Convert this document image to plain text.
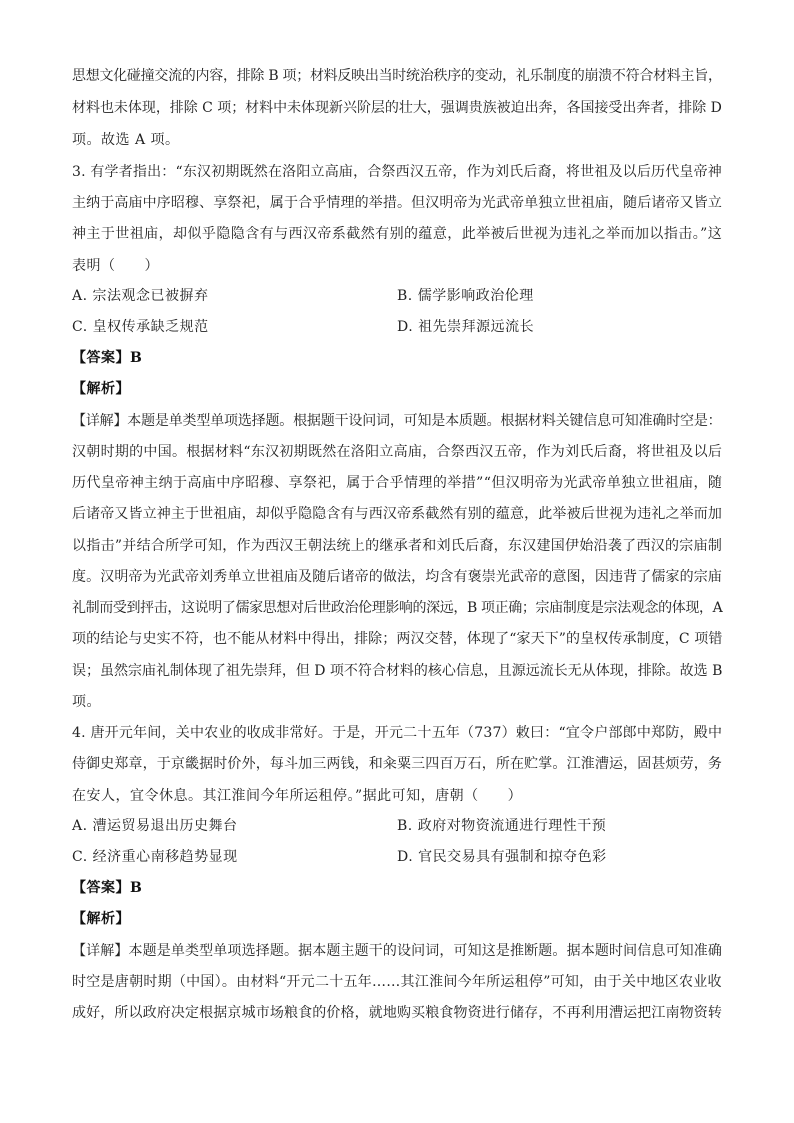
思想文化碰撞交流的内容，排除 B 项；材料反映出当时统治秩序的变动，礼乐制度的崩溃不符合材料主旨，
材料也未体现，排除 C 项；材料中未体现新兴阶层的壮大，强调贵族被迫出奔，各国接受出奔者，排除 D
项。故选 A 项。
3. 有学者指出：“东汉初期既然在洛阳立高庙，合祭西汉五帝，作为刘氏后裔，将世祖及以后历代皇帝神
主纳于高庙中序昭穆、享祭祀，属于合乎情理的举措。但汉明帝为光武帝单独立世祖庙，随后诸帝又皆立
神主于世祖庙，却似乎隐隐含有与西汉帝系截然有别的蕴意，此举被后世视为违礼之举而加以指击。”这
表明（　　）
A. 宗法观念已被摒弃	B. 儒学影响政治伦理
C. 皇权传承缺乏规范	D. 祖先崇拜源远流长
【答案】B
【解析】
【详解】本题是单类型单项选择题。根据题干设问词，可知是本质题。根据材料关键信息可知准确时空是：
汉朝时期的中国。根据材料“东汉初期既然在洛阳立高庙，合祭西汉五帝，作为刘氏后裔，将世祖及以后
历代皇帝神主纳于高庙中序昭穆、享祭祀，属于合乎情理的举措”“但汉明帝为光武帝单独立世祖庙，随
后诸帝又皆立神主于世祖庙，却似乎隐隐含有与西汉帝系截然有别的蕴意，此举被后世视为违礼之举而加
以指击”并结合所学可知，作为西汉王朝法统上的继承者和刘氏后裔，东汉建国伊始沿袭了西汉的宗庙制
度。汉明帝为光武帝刘秀单立世祖庙及随后诸帝的做法，均含有褒崇光武帝的意图，因违背了儒家的宗庙
礼制而受到抨击，这说明了儒家思想对后世政治伦理影响的深远，B 项正确；宗庙制度是宗法观念的体现，A
项的结论与史实不符，也不能从材料中得出，排除；两汉交替，体现了“家天下”的皇权传承制度，C 项错
误；虽然宗庙礼制体现了祖先崇拜，但 D 项不符合材料的核心信息，且源远流长无从体现，排除。故选 B
项。
4. 唐开元年间，关中农业的收成非常好。于是，开元二十五年（737）敕曰：“宜令户部郎中郑防，殿中
侍御史郑章，于京畿据时价外，每斗加三两钱，和籴粟三四百万石，所在贮掌。江淮漕运，固甚烦劳，务
在安人，宜令休息。其江淮间今年所运租停。”据此可知，唐朝（　　）
A. 漕运贸易退出历史舞台	B. 政府对物资流通进行理性干预
C. 经济重心南移趋势显现	D. 官民交易具有强制和掠夺色彩
【答案】B
【解析】
【详解】本题是单类型单项选择题。据本题主题干的设问词，可知这是推断题。据本题时间信息可知准确
时空是唐朝时期（中国）。由材料“开元二十五年……其江淮间今年所运租停”可知，由于关中地区农业收
成好，所以政府决定根据京城市场粮食的价格，就地购买粮食物资进行储存，不再利用漕运把江南物资转
